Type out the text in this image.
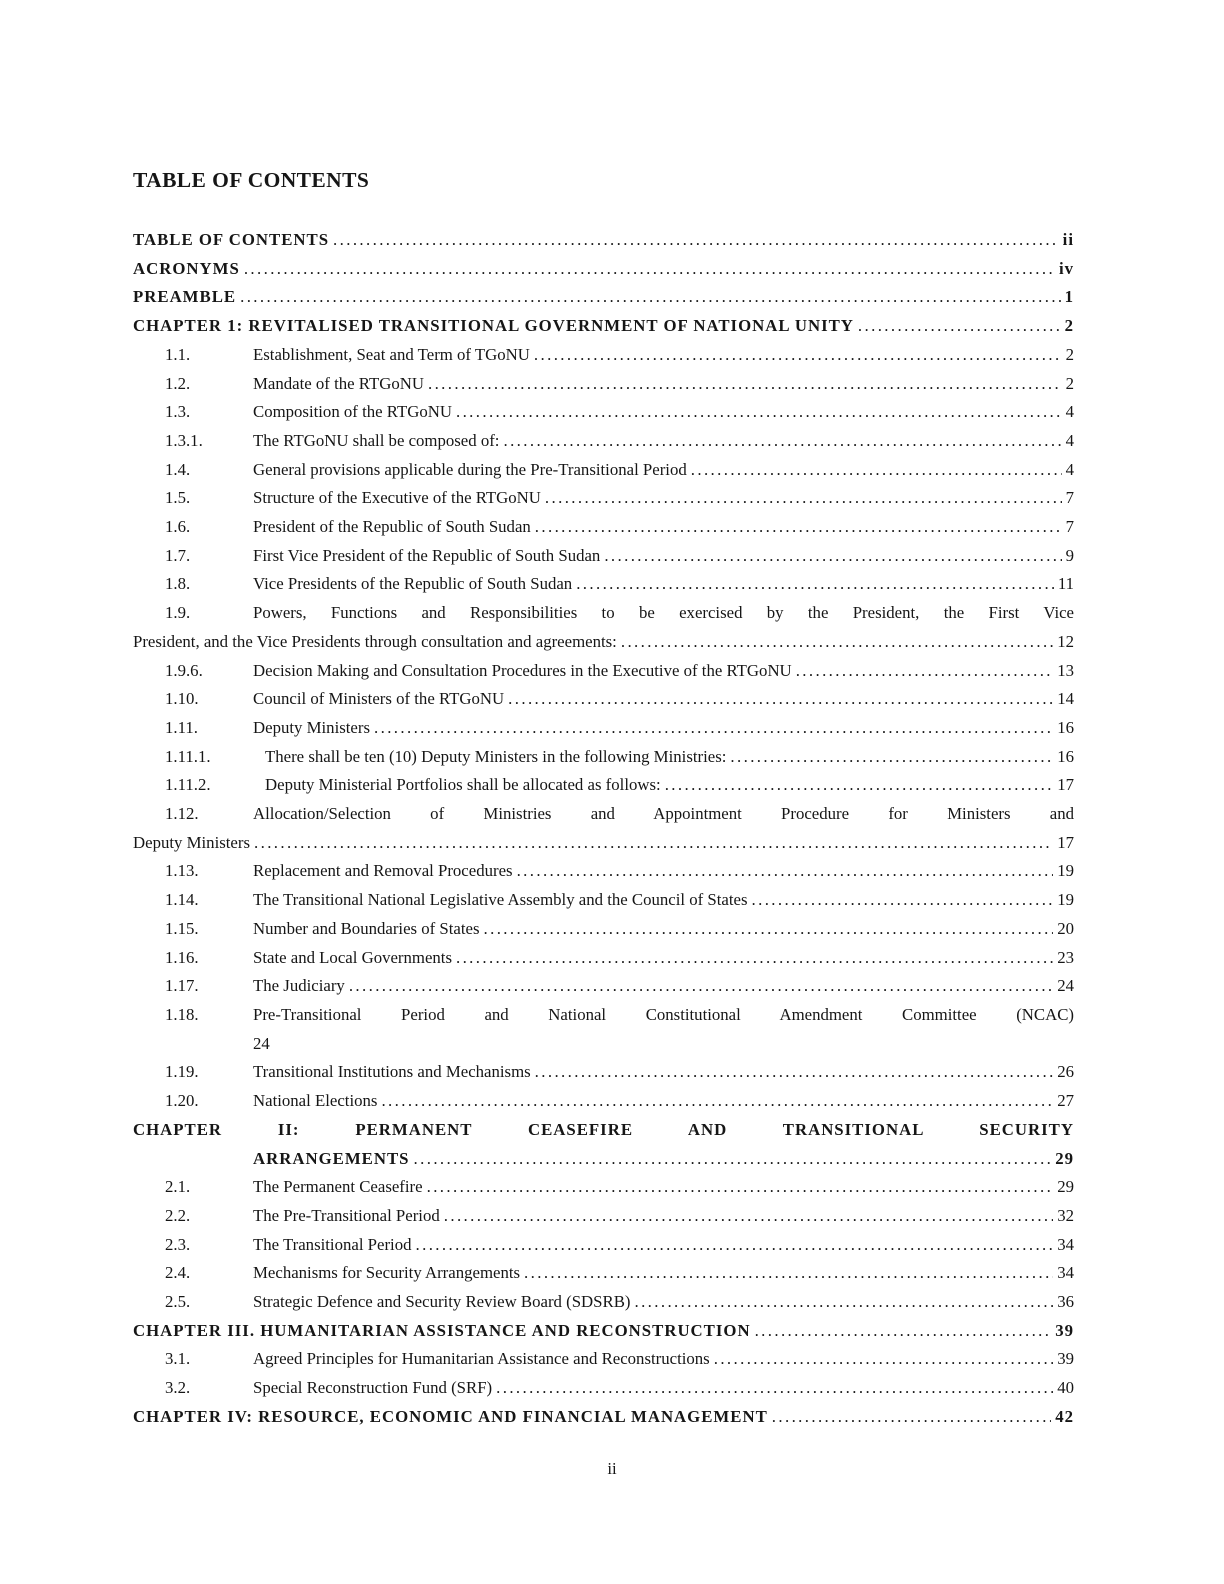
TABLE OF CONTENTS
TABLE OF CONTENTS .....	ii
ACRONYMS .....	iv
PREAMBLE .....	1
CHAPTER 1: REVITALISED TRANSITIONAL GOVERNMENT OF NATIONAL UNITY .....	2
1.1.	Establishment, Seat and Term of TGoNU .....	2
1.2.	Mandate of the RTGoNU .....	2
1.3.	Composition of the RTGoNU .....	4
1.3.1.	The RTGoNU shall be composed of: .....	4
1.4.	General provisions applicable during the Pre-Transitional Period .....	4
1.5.	Structure of the Executive of the RTGoNU .....	7
1.6.	President of the Republic of South Sudan .....	7
1.7.	First Vice President of the Republic of South Sudan .....	9
1.8.	Vice Presidents of the Republic of South Sudan .....	11
1.9.	Powers, Functions and Responsibilities to be exercised by the President, the First Vice
President, and the Vice Presidents through consultation and agreements: .....	12
1.9.6.	Decision Making and Consultation Procedures in the Executive of the RTGoNU .....	13
1.10.	Council of Ministers of the RTGoNU .....	14
1.11.	Deputy Ministers .....	16
1.11.1.	There shall be ten (10) Deputy Ministers in the following Ministries: .....	16
1.11.2.	Deputy Ministerial Portfolios shall be allocated as follows: .....	17
1.12.	Allocation/Selection of Ministries and Appointment Procedure for Ministers and
Deputy Ministers .....	17
1.13.	Replacement and Removal Procedures .....	19
1.14.	The Transitional National Legislative Assembly and the Council of States .....	19
1.15.	Number and Boundaries of States .....	20
1.16.	State and Local Governments .....	23
1.17.	The Judiciary .....	24
1.18.	Pre-Transitional Period and National Constitutional Amendment Committee (NCAC)
24
1.19.	Transitional Institutions and Mechanisms .....	26
1.20.	National Elections .....	27
CHAPTER II: PERMANENT CEASEFIRE AND TRANSITIONAL SECURITY
ARRANGEMENTS .....	29
2.1.	The Permanent Ceasefire .....	29
2.2.	The Pre-Transitional Period .....	32
2.3.	The Transitional Period .....	34
2.4.	Mechanisms for Security Arrangements .....	34
2.5.	Strategic Defence and Security Review Board (SDSRB) .....	36
CHAPTER III. HUMANITARIAN ASSISTANCE AND RECONSTRUCTION .....	39
3.1.	Agreed Principles for Humanitarian Assistance and Reconstructions .....	39
3.2.	Special Reconstruction Fund (SRF) .....	40
CHAPTER IV: RESOURCE, ECONOMIC AND FINANCIAL MANAGEMENT .....	42
ii
